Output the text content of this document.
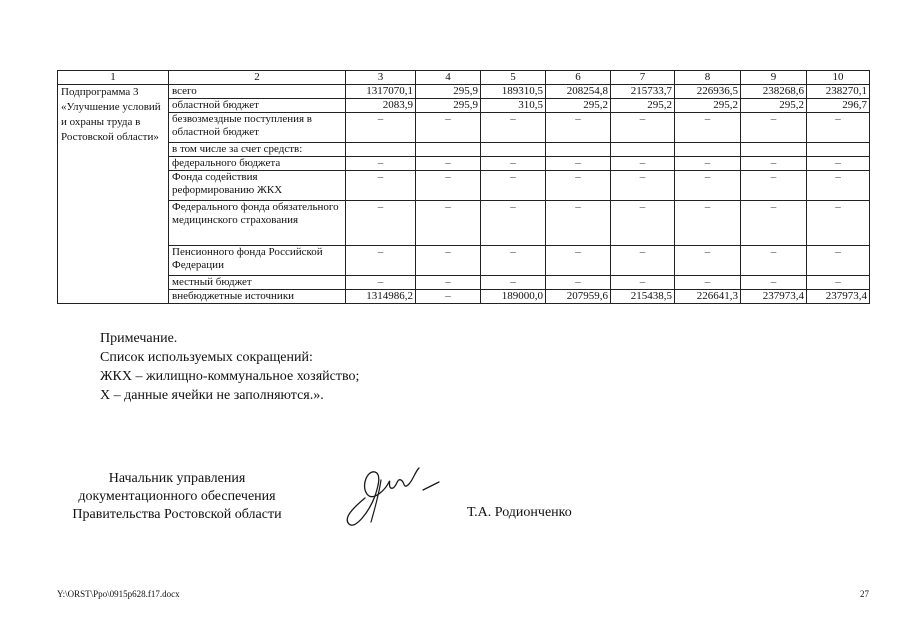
1	2	3	4	5	6	7	8	9	10
Подпрограмма 3 «Улучшение условий и охраны труда в Ростовской области»	всего	1317070,1	295,9	189310,5	208254,8	215733,7	226936,5	238268,6	238270,1
	областной бюджет	2083,9	295,9	310,5	295,2	295,2	295,2	295,2	296,7
	безвозмездные поступления в областной бюджет	–	–	–	–	–	–	–	–
	в том числе за счет средств:								
	федерального бюджета	–	–	–	–	–	–	–	–
	Фонда содействия реформированию ЖКХ	–	–	–	–	–	–	–	–
	Федерального фонда обязательного медицинского страхования	–	–	–	–	–	–	–	–
	Пенсионного фонда Российской Федерации	–	–	–	–	–	–	–	–
	местный бюджет	–	–	–	–	–	–	–	–
	внебюджетные источники	1314986,2	–	189000,0	207959,6	215438,5	226641,3	237973,4	237973,4
Примечание.
Список используемых сокращений:
ЖКХ – жилищно-коммунальное хозяйство;
Х – данные ячейки не заполняются.».
Начальник управления
документационного обеспечения
Правительства Ростовской области	Т.А. Родионченко
Y:\ORST\Ppo\0915p628.f17.docx	27
